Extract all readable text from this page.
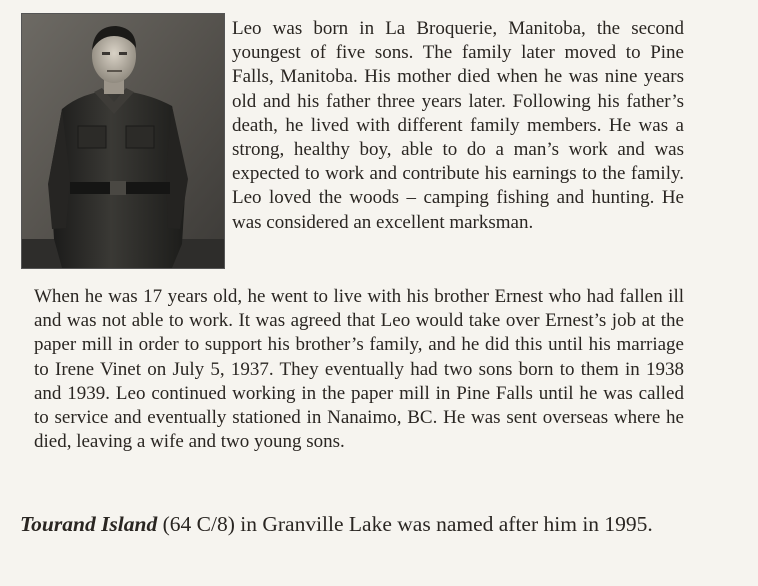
Leo was born in La Broquerie, Manitoba, the second youngest of five sons. The family later moved to Pine Falls, Manitoba. His mother died when he was nine years old and his father three years later. Following his father’s death, he lived with different family members. He was a strong, healthy boy, able to do a man’s work and was expected to work and contribute his earnings to the family. Leo loved the woods – camping fishing and hunting. He was considered an excellent marksman.

When he was 17 years old, he went to live with his brother Ernest who had fallen ill and was not able to work. It was agreed that Leo would take over Ernest’s job at the paper mill in order to support his brother’s family, and he did this until his marriage to Irene Vinet on July 5, 1937. They eventually had two sons born to them in 1938 and 1939. Leo continued working in the paper mill in Pine Falls until he was called to service and eventually stationed in Nanaimo, BC. He was sent overseas where he died, leaving a wife and two young sons.

Tourand Island (64 C/8) in Granville Lake was named after him in 1995.
